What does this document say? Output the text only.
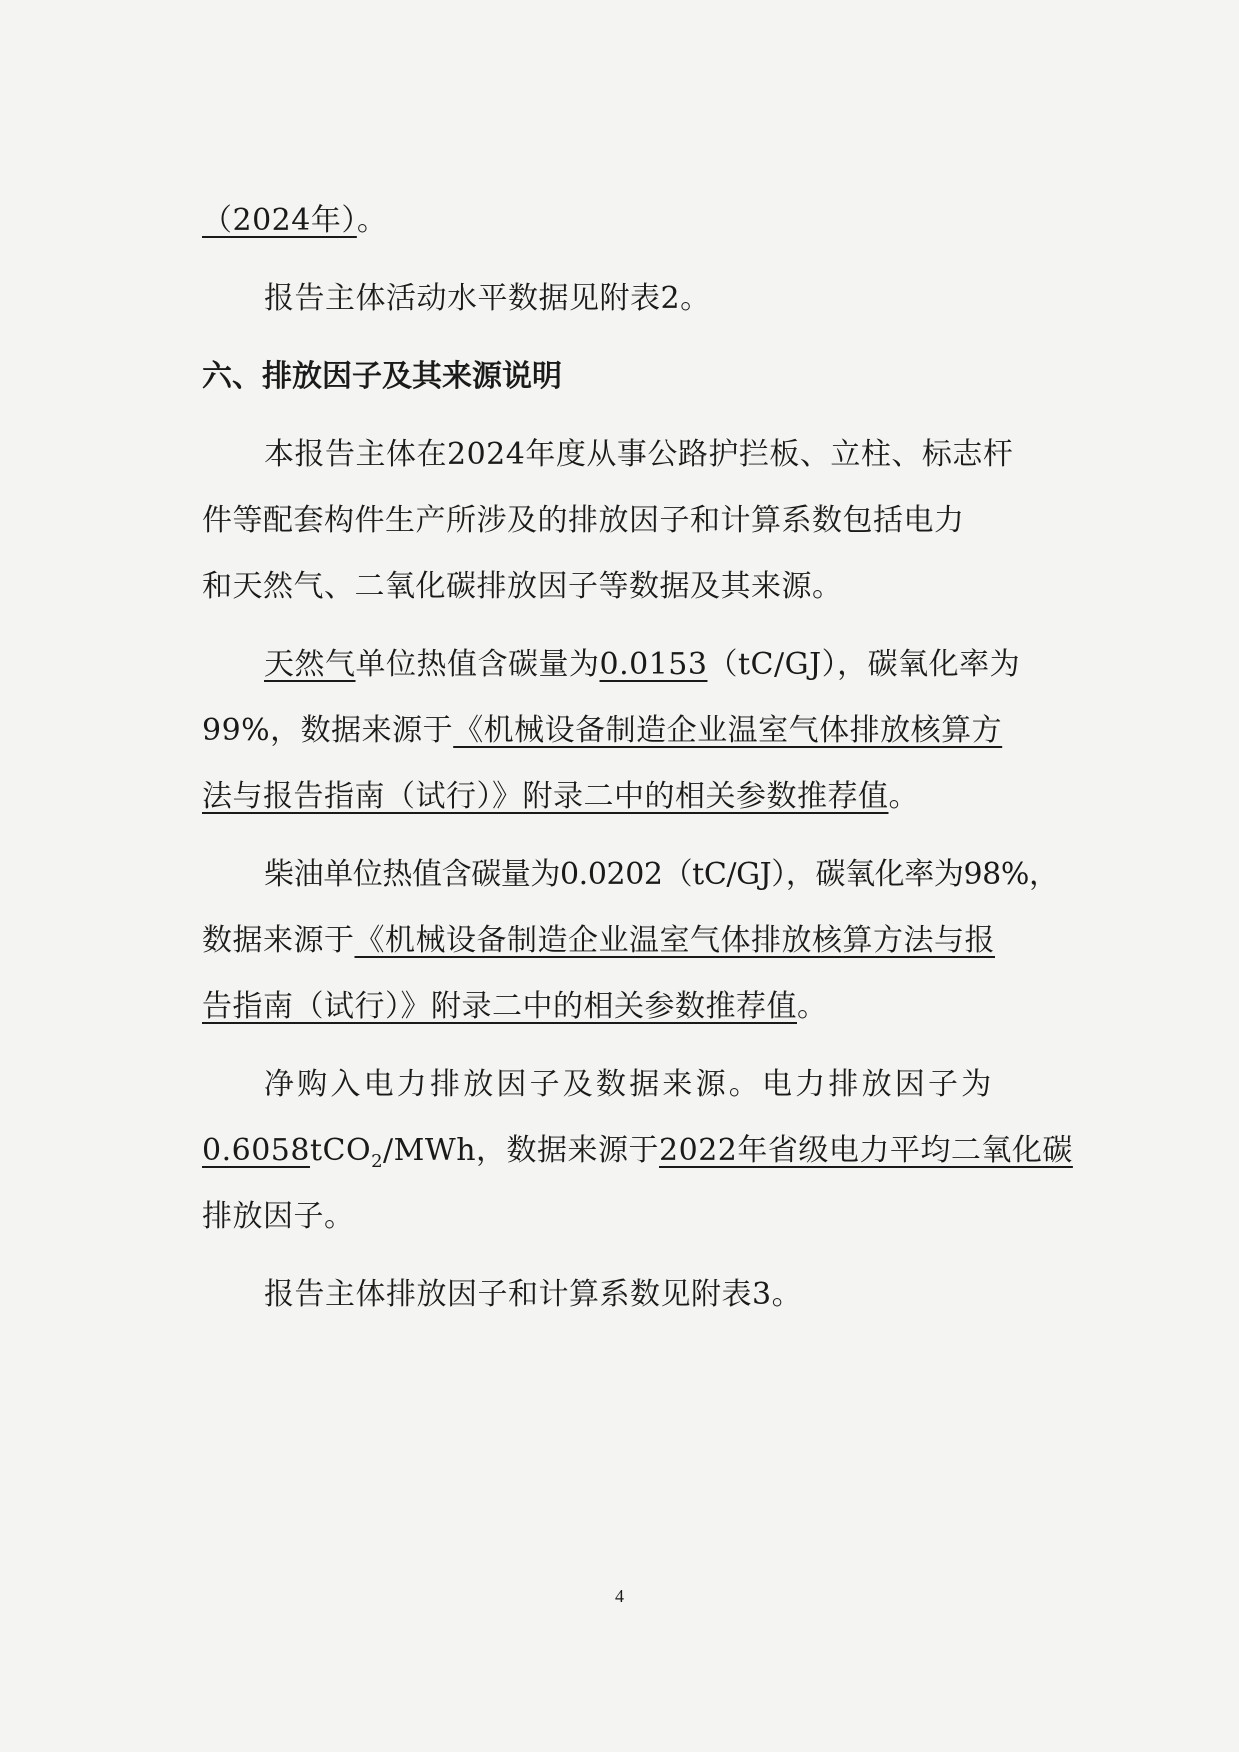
（2024年）。
报告主体活动水平数据见附表2。
六、排放因子及其来源说明
本报告主体在2024年度从事公路护拦板、立柱、标志杆
件等配套构件生产所涉及的排放因子和计算系数包括电力
和天然气、二氧化碳排放因子等数据及其来源。
天然气单位热值含碳量为0.0153（tC/GJ），碳氧化率为
99%，数据来源于《机械设备制造企业温室气体排放核算方
法与报告指南（试行）》附录二中的相关参数推荐值。
柴油单位热值含碳量为0.0202（tC/GJ），碳氧化率为98%，
数据来源于《机械设备制造企业温室气体排放核算方法与报
告指南（试行）》附录二中的相关参数推荐值。
净购入电力排放因子及数据来源。电力排放因子为
0.6058tCO$_2$/MWh，数据来源于2022年省级电力平均二氧化碳
排放因子。
报告主体排放因子和计算系数见附表3。
4
